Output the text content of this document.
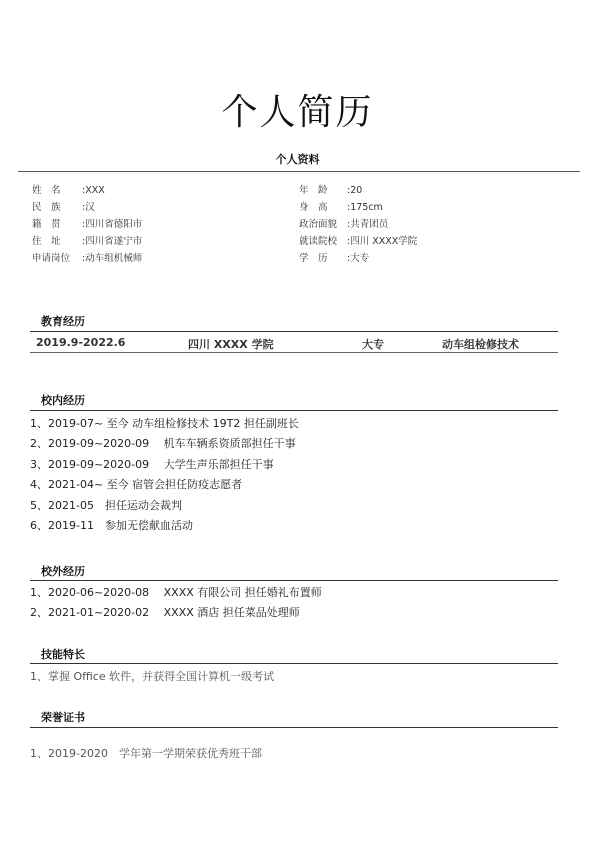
个人简历
个人资料
姓　名 :XXX
民　族 :汉
籍　贯 :四川省德阳市
住　址 :四川省遂宁市
申请岗位 :动车组机械师
年　龄 :20
身　高 :175cm
政治面貌 :共青团员
就读院校 :四川 XXXX学院
学　历 :大专
教育经历
2019.9-2022.6	四川 XXXX 学院	大专	动车组检修技术
校内经历
1、2019-07~ 至今 动车组检修技术 19T2 担任副班长
2、2019-09~2020-09　 机车车辆系资质部担任干事
3、2019-09~2020-09　 大学生声乐部担任干事
4、2021-04~ 至今 宿管会担任防疫志愿者
5、2021-05　担任运动会裁判
6、2019-11　参加无偿献血活动
校外经历
1、2020-06~2020-08　 XXXX 有限公司 担任婚礼布置师
2、2021-01~2020-02　 XXXX 酒店 担任菜品处理师
技能特长
1、掌握 Office 软件，并获得全国计算机一级考试
荣誉证书
1、2019-2020　学年第一学期荣获优秀班干部
